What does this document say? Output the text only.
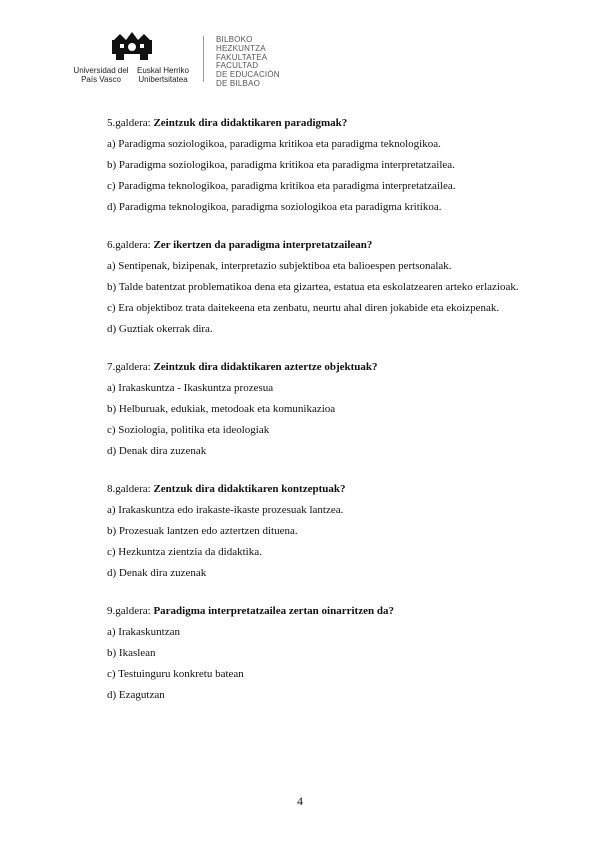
Universidad del País Vasco
Euskal Herriko Unibertsitatea
BILBOKO
HEZKUNTZA
FAKULTATEA
FACULTAD
DE EDUCACIÓN
DE BILBAO

5.galdera: Zeintzuk dira didaktikaren paradigmak?

a) Paradigma soziologikoa, paradigma kritikoa eta paradigma teknologikoa.

b) Paradigma soziologikoa, paradigma kritikoa eta paradigma interpretatzailea.

c) Paradigma teknologikoa, paradigma kritikoa eta paradigma interpretatzailea.

d) Paradigma teknologikoa, paradigma soziologikoa eta paradigma kritikoa.

6.galdera: Zer ikertzen da paradigma interpretatzailean?

a) Sentipenak, bizipenak, interpretazio subjektiboa eta balioespen pertsonalak.

b) Talde batentzat problematikoa dena eta gizartea, estatua eta eskolatzearen arteko erlazioak.

c) Era objektiboz trata daitekeena eta zenbatu, neurtu ahal diren jokabide eta ekoizpenak.

d) Guztiak okerrak dira.

7.galdera: Zeintzuk dira didaktikaren aztertze objektuak?

a) Irakaskuntza - Ikaskuntza prozesua

b) Helburuak, edukiak, metodoak eta komunikazioa

c) Soziologia, politika eta ideologiak

d) Denak dira zuzenak

8.galdera: Zentzuk dira didaktikaren kontzeptuak?

a) Irakaskuntza edo irakaste-ikaste prozesuak lantzea.

b) Prozesuak lantzen edo aztertzen dituena.

c) Hezkuntza zientzia da didaktika.

d) Denak dira zuzenak

9.galdera: Paradigma interpretatzailea zertan oinarritzen da?

a) Irakaskuntzan

b) Ikaslean

c) Testuinguru konkretu batean

d) Ezagutzan

4
